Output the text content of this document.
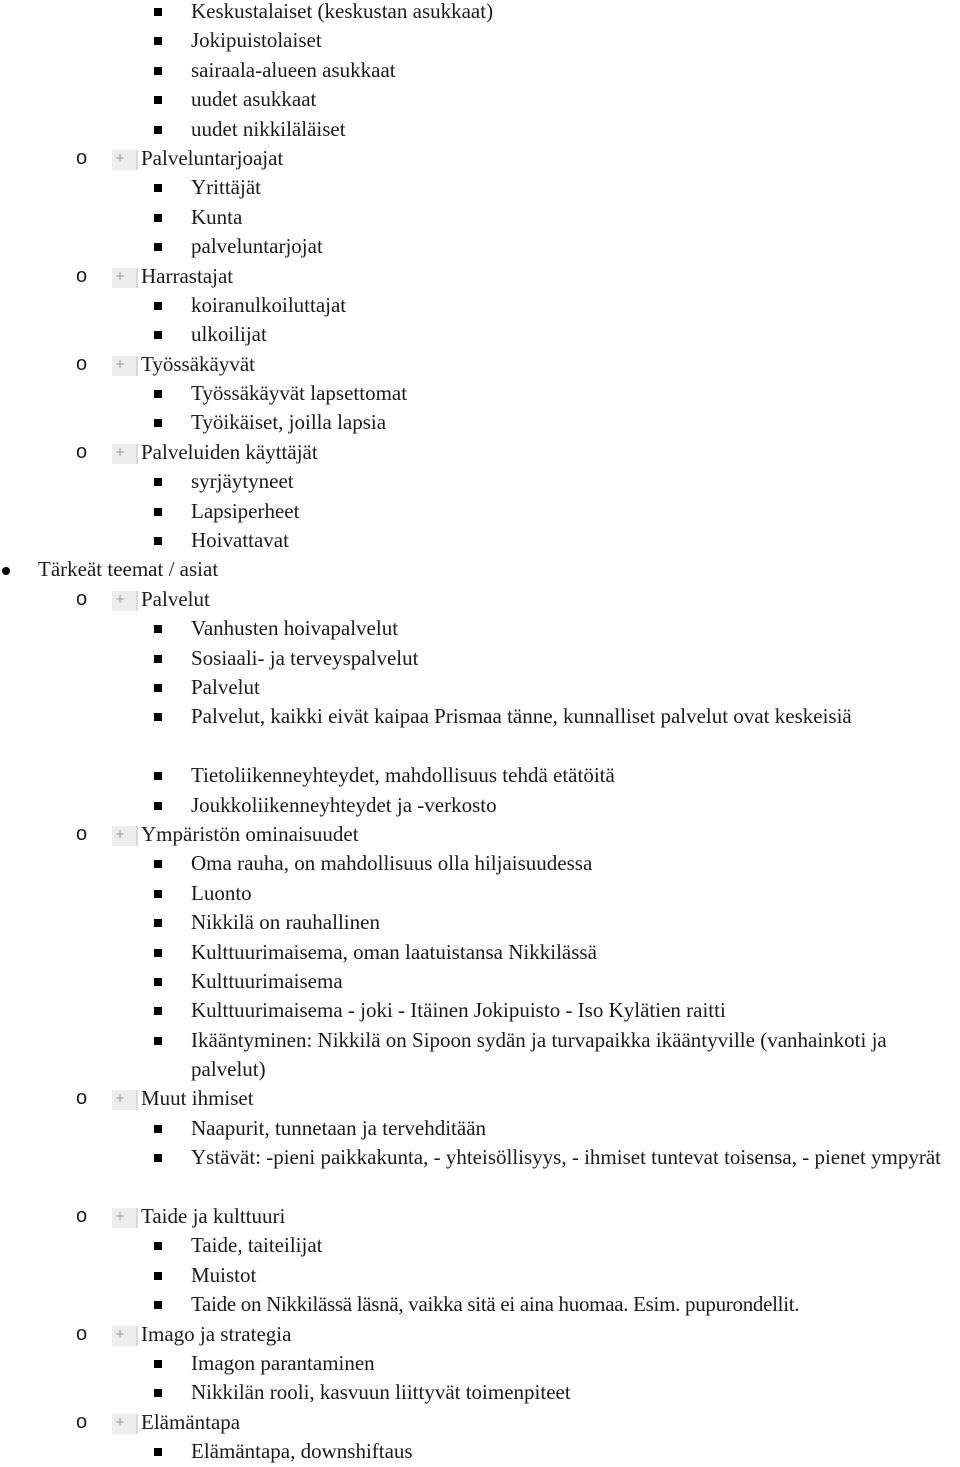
Keskustalaiset (keskustan asukkaat)
Jokipuistolaiset
sairaala-alueen asukkaat
uudet asukkaat
uudet nikkiläläiset
o + Palveluntarjoajat
Yrittäjät
Kunta
palveluntarjojat
o + Harrastajat
koiranulkoiluttajat
ulkoilijat
o + Työssäkäyvät
Työssäkäyvät lapsettomat
Työikäiset, joilla lapsia
o + Palveluiden käyttäjät
syrjäytyneet
Lapsiperheet
Hoivattavat
Tärkeät teemat / asiat
o + Palvelut
Vanhusten hoivapalvelut
Sosiaali- ja terveyspalvelut
Palvelut
Palvelut, kaikki eivät kaipaa Prismaa tänne, kunnalliset palvelut ovat keskeisiä
Tietoliikenneyhteydet, mahdollisuus tehdä etätöitä
Joukkoliikenneyhteydet ja -verkosto
o + Ympäristön ominaisuudet
Oma rauha, on mahdollisuus olla hiljaisuudessa
Luonto
Nikkilä on rauhallinen
Kulttuurimaisema, oman laatuistansa Nikkilässä
Kulttuurimaisema
Kulttuurimaisema - joki - Itäinen Jokipuisto - Iso Kylätien raitti
Ikääntyminen: Nikkilä on Sipoon sydän ja turvapaikka ikääntyville (vanhainkoti ja palvelut)
o + Muut ihmiset
Naapurit, tunnetaan ja tervehditään
Ystävät: -pieni paikkakunta, - yhteisöllisyys, - ihmiset tuntevat toisensa, - pienet ympyrät
o + Taide ja kulttuuri
Taide, taiteilijat
Muistot
Taide on Nikkilässä läsnä, vaikka sitä ei aina huomaa. Esim. pupurondellit.
o + Imago ja strategia
Imagon parantaminen
Nikkilän rooli, kasvuun liittyvät toimenpiteet
o + Elämäntapa
Elämäntapa, downshiftaus
